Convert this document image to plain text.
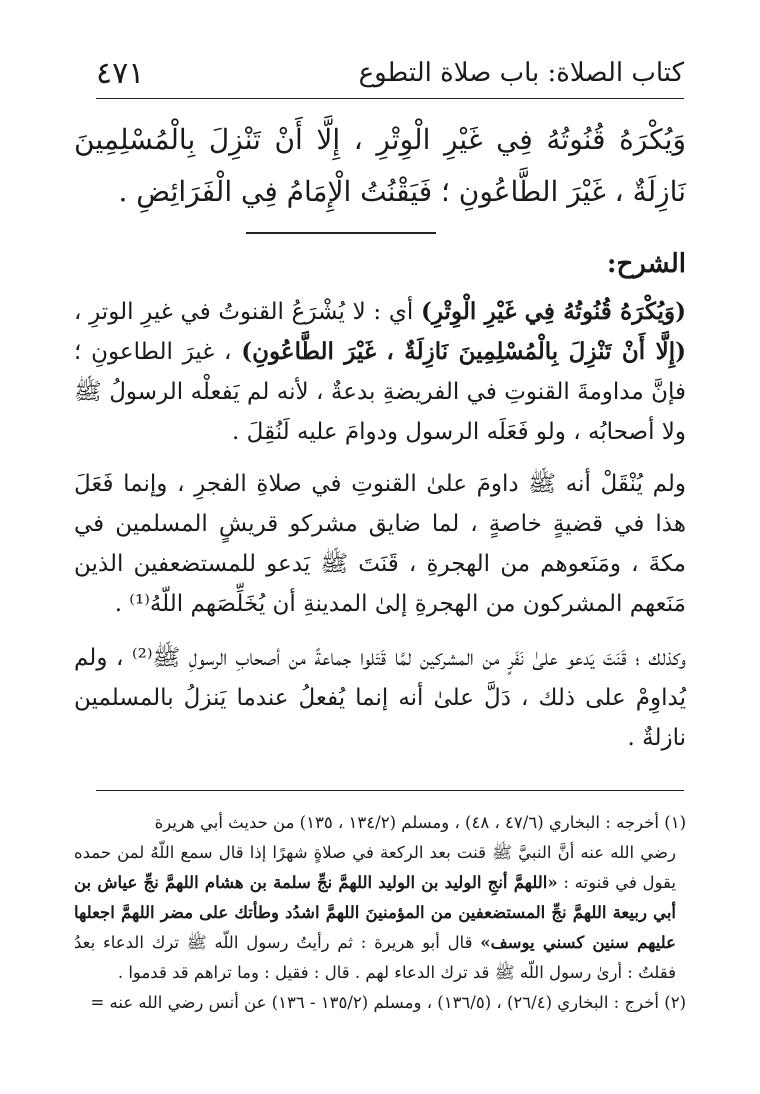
كتاب الصلاة: باب صلاة التطوع
٤٧١
وَيُكْرَهُ قُنُوتُهُ فِي غَيْرِ الْوِتْرِ ، إِلَّا أَنْ تَنْزِلَ بِالْمُسْلِمِينَ نَازِلَةٌ ، غَيْرَ الطَّاعُونِ ؛ فَيَقْنُتُ الْإِمَامُ فِي الْفَرَائِضِ .
الشرح:
(وَيُكْرَهُ قُنُوتُهُ فِي غَيْرِ الْوِتْرِ) أي : لا يُشْرَعُ القنوتُ في غيرِ الوترِ ، (إِلَّا أَنْ تَنْزِلَ بِالْمُسْلِمِينَ نَازِلَةٌ ، غَيْرَ الطَّاعُونِ) ، غيرَ الطاعونِ ؛ فإنَّ مداومةَ القنوتِ في الفريضةِ بدعةٌ ، لأنه لم يَفعلْه الرسولُ ﷺ ولا أصحابُه ، ولو فَعَلَه الرسول ودوامَ عليه لَنُقِلَ .
ولم يُنْقَلْ أنه ﷺ داومَ علىٰ القنوتِ في صلاةِ الفجرِ ، وإنما فَعَلَ هذا في قضيةٍ خاصةٍ ، لما ضايق مشركو قريشٍ المسلمين في مكةَ ، ومَنَعوهم من الهجرةِ ، قَنَتَ ﷺ يَدعو للمستضعفين الذين مَنَعهم المشركون من الهجرةِ إلىٰ المدينةِ أن يُخَلِّصَهم اللّهُ⁽¹⁾ .
وكذلك ؛ قَنَتَ يَدعو علىٰ نَفَرٍ من المشركين لمَّا قَتَلوا جماعةً من أصحابِ الرسولِ ﷺ⁽²⁾ ، ولم يُداوِمْ على ذلك ، دَلَّ علىٰ أنه إنما يُفعلُ عندما يَنزلُ بالمسلمين نازلةٌ .

(١) أخرجه : البخاري (٤٧/٦ ، ٤٨) ، ومسلم (١٣٤/٢ ، ١٣٥) من حديث أبي هريرة

رضي الله عنه أنَّ النبيَّ ﷺ قنت بعد الركعة في صلاةٍ شهرًا إذا قال سمع اللّهُ لمن حمده يقول في قنوته : «اللهمَّ أنجِ الوليد بن الوليد اللهمَّ نجِّ سلمة بن هشام اللهمَّ نجِّ عياش بن أبي ربيعة اللهمَّ نجِّ المستضعفين من المؤمنينَ اللهمَّ اشدُد وطأتك على مضر اللهمَّ اجعلها عليهم سنين كسني يوسف» قال أبو هريرة : ثم رأيتُ رسول اللّه ﷺ ترك الدعاء بعدُ فقلتُ : أرىٰ رسول اللّه ﷺ قد ترك الدعاء لهم . قال : فقيل : وما تراهم قد قدموا .

(٢) أخرج : البخاري (٢٦/٤) ، (١٣٦/٥) ، ومسلم (١٣٥/٢ - ١٣٦) عن أنس رضي الله عنه =
